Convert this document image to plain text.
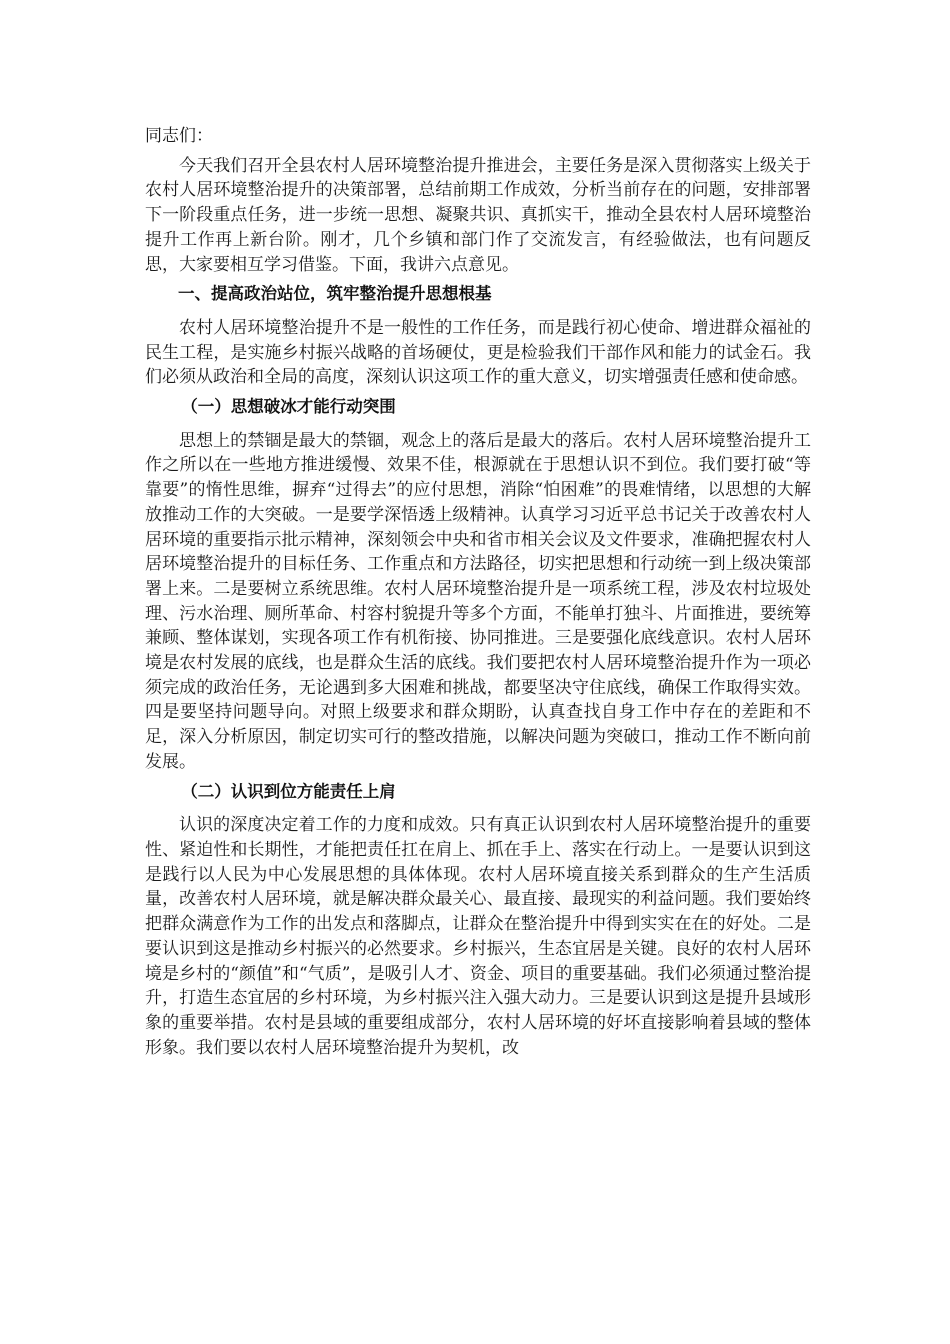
同志们：

今天我们召开全县农村人居环境整治提升推进会，主要任务是深入贯彻落实上级关于农村人居环境整治提升的决策部署，总结前期工作成效，分析当前存在的问题，安排部署下一阶段重点任务，进一步统一思想、凝聚共识、真抓实干，推动全县农村人居环境整治提升工作再上新台阶。刚才，几个乡镇和部门作了交流发言，有经验做法，也有问题反思，大家要相互学习借鉴。下面，我讲六点意见。

一、提高政治站位，筑牢整治提升思想根基

农村人居环境整治提升不是一般性的工作任务，而是践行初心使命、增进群众福祉的民生工程，是实施乡村振兴战略的首场硬仗，更是检验我们干部作风和能力的试金石。我们必须从政治和全局的高度，深刻认识这项工作的重大意义，切实增强责任感和使命感。

（一）思想破冰才能行动突围

思想上的禁锢是最大的禁锢，观念上的落后是最大的落后。农村人居环境整治提升工作之所以在一些地方推进缓慢、效果不佳，根源就在于思想认识不到位。我们要打破“等靠要”的惰性思维，摒弃“过得去”的应付思想，消除“怕困难”的畏难情绪，以思想的大解放推动工作的大突破。一是要学深悟透上级精神。认真学习习近平总书记关于改善农村人居环境的重要指示批示精神，深刻领会中央和省市相关会议及文件要求，准确把握农村人居环境整治提升的目标任务、工作重点和方法路径，切实把思想和行动统一到上级决策部署上来。二是要树立系统思维。农村人居环境整治提升是一项系统工程，涉及农村垃圾处理、污水治理、厕所革命、村容村貌提升等多个方面，不能单打独斗、片面推进，要统筹兼顾、整体谋划，实现各项工作有机衔接、协同推进。三是要强化底线意识。农村人居环境是农村发展的底线，也是群众生活的底线。我们要把农村人居环境整治提升作为一项必须完成的政治任务，无论遇到多大困难和挑战，都要坚决守住底线，确保工作取得实效。四是要坚持问题导向。对照上级要求和群众期盼，认真查找自身工作中存在的差距和不足，深入分析原因，制定切实可行的整改措施，以解决问题为突破口，推动工作不断向前发展。

（二）认识到位方能责任上肩

认识的深度决定着工作的力度和成效。只有真正认识到农村人居环境整治提升的重要性、紧迫性和长期性，才能把责任扛在肩上、抓在手上、落实在行动上。一是要认识到这是践行以人民为中心发展思想的具体体现。农村人居环境直接关系到群众的生产生活质量，改善农村人居环境，就是解决群众最关心、最直接、最现实的利益问题。我们要始终把群众满意作为工作的出发点和落脚点，让群众在整治提升中得到实实在在的好处。二是要认识到这是推动乡村振兴的必然要求。乡村振兴，生态宜居是关键。良好的农村人居环境是乡村的“颜值”和“气质”，是吸引人才、资金、项目的重要基础。我们必须通过整治提升，打造生态宜居的乡村环境，为乡村振兴注入强大动力。三是要认识到这是提升县域形象的重要举措。农村是县域的重要组成部分，农村人居环境的好坏直接影响着县域的整体形象。我们要以农村人居环境整治提升为契机，改
